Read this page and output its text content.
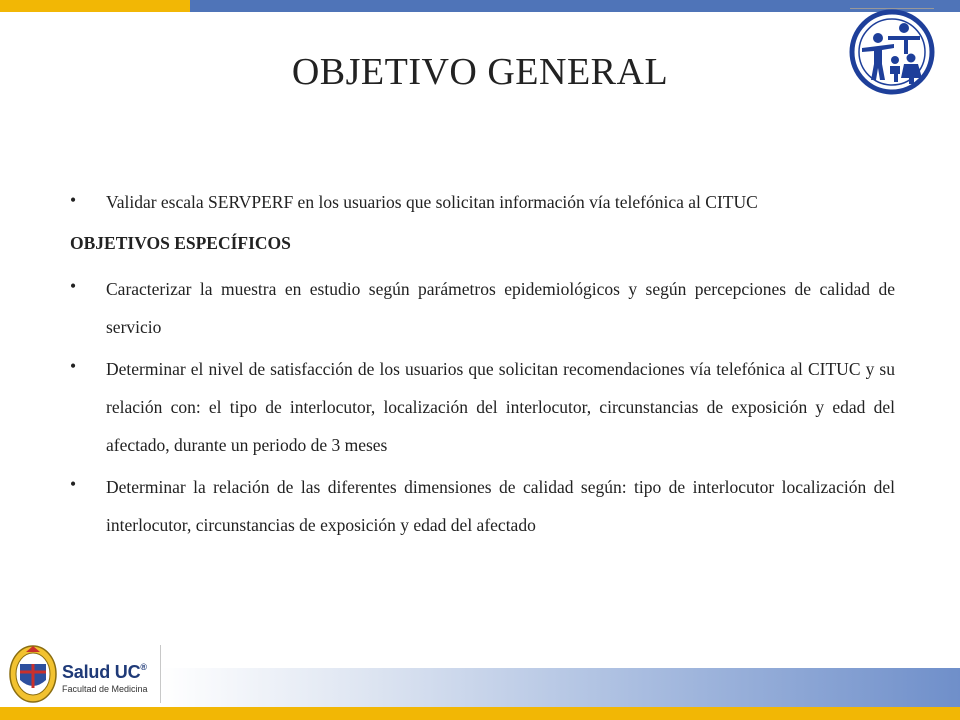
OBJETIVO GENERAL
•	Validar escala SERVPERF en los usuarios que solicitan información vía telefónica al CITUC
OBJETIVOS ESPECÍFICOS
•	Caracterizar la muestra en estudio según parámetros epidemiológicos y según percepciones de calidad de servicio
•	Determinar el nivel de satisfacción de los usuarios que solicitan recomendaciones vía telefónica al CITUC y su relación con: el tipo de interlocutor, localización del interlocutor, circunstancias de exposición y edad del afectado, durante un periodo de 3 meses
•	Determinar la relación de las diferentes dimensiones de calidad según: tipo de interlocutor localización del interlocutor, circunstancias de exposición y edad del afectado
Salud UC®
Facultad de Medicina
